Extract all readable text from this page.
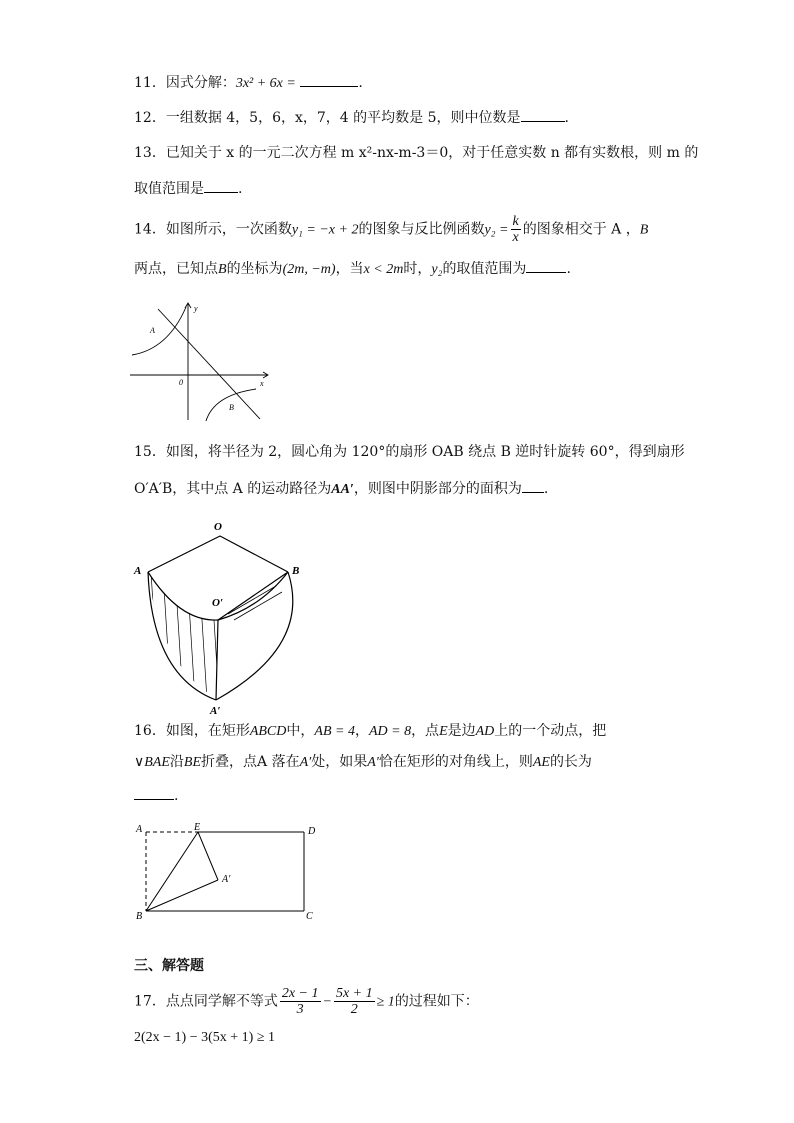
11．因式分解：3x² + 6x =	.
12．一组数据 4，5，6，x，7，4 的平均数是 5，则中位数是	.
13．已知关于 x 的一元二次方程 m x²-nx-m-3＝0，对于任意实数 n 都有实数根，则 m 的
取值范围是 .
14．如图所示，一次函数y₁ = −x + 2的图象与反比例函数$y_2 = \frac{k}{x}$ 的图象相交于 A ，B
两点，已知点B的坐标为(2m, −m)，当x < 2m时，y₂的取值范围为	.
y
x
0
A
B
15．如图，将半径为 2，圆心角为 120°的扇形 OAB 绕点 B 逆时针旋转 60°，得到扇形
O′A′B，其中点 A 的运动路径为AA′，则图中阴影部分的面积为 .
O
A	B
O′
A′
16．如图，在矩形ABCD中，AB = 4，AD = 8，点E是边AD上的一个动点，把
∨BAE沿BE折叠，点A 落在A′处，如果A′恰在矩形的对角线上，则AE的长为
.
A	E	D
A′
B	C
三、解答题
17．点点同学解不等式 $\frac{2x - 1}{3} - \frac{5x + 1}{2} \ge 1$的过程如下：
2(2x − 1) − 3(5x + 1) ≥ 1
